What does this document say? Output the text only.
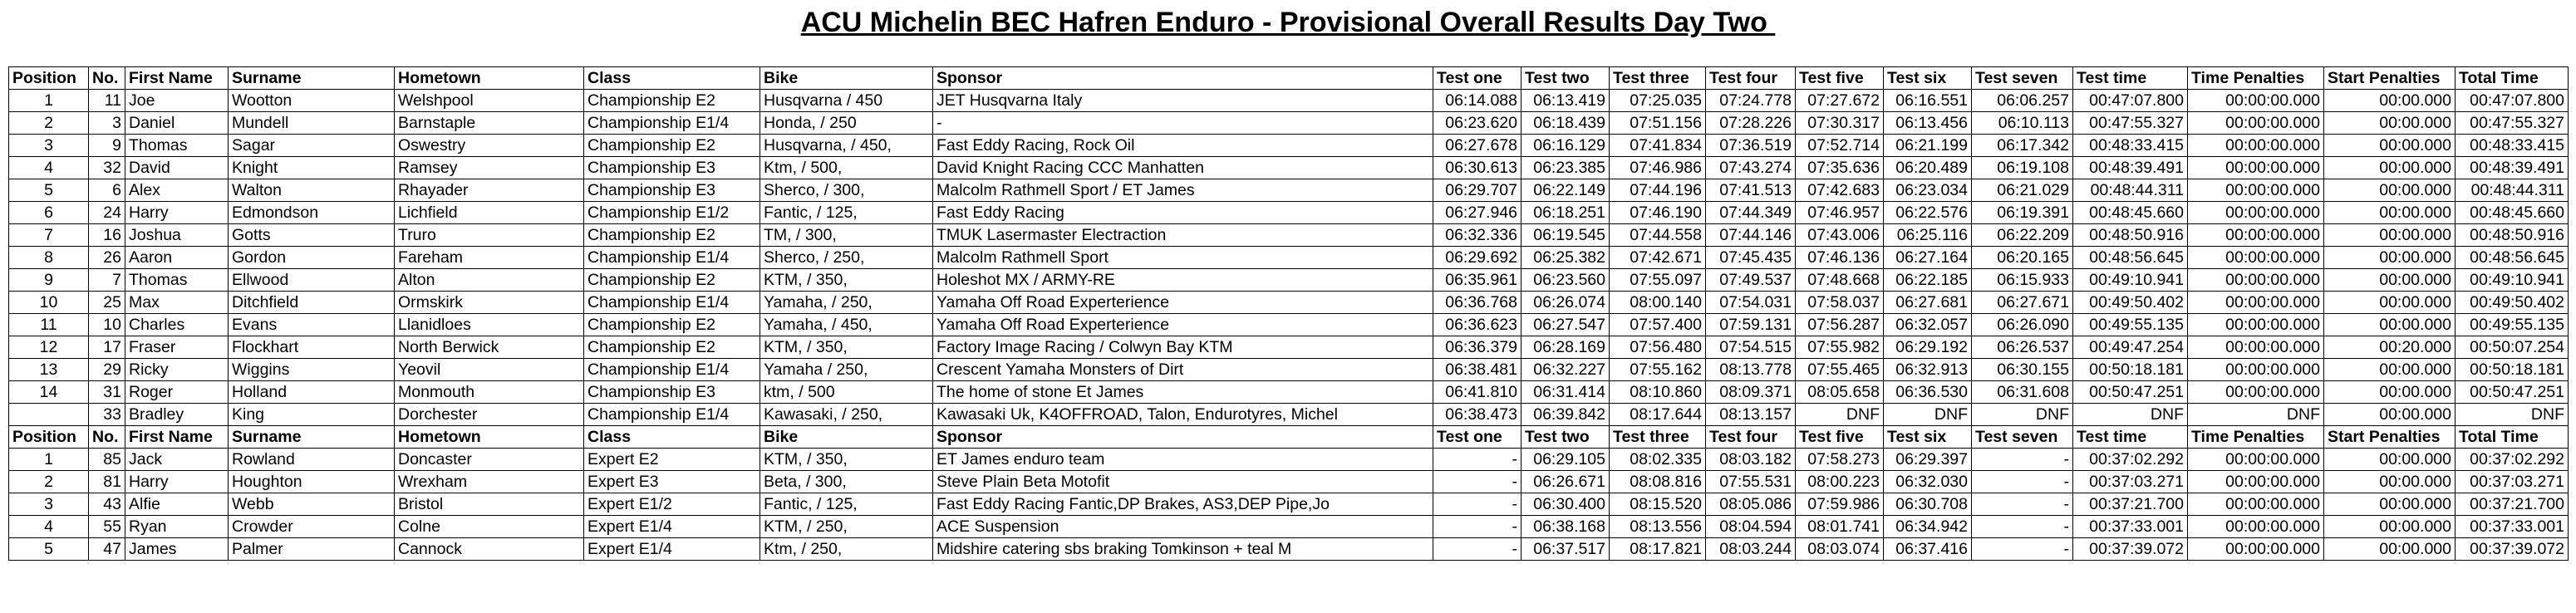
ACU Michelin BEC Hafren Enduro - Provisional Overall Results Day Two
Position	No.	First Name	Surname	Hometown	Class	Bike	Sponsor	Test one	Test two	Test three	Test four	Test five	Test six	Test seven	Test time	Time Penalties	Start Penalties	Total Time
1	11	Joe	Wootton	Welshpool	Championship E2	Husqvarna / 450	JET Husqvarna Italy	06:14.088	06:13.419	07:25.035	07:24.778	07:27.672	06:16.551	06:06.257	00:47:07.800	00:00:00.000	00:00.000	00:47:07.800
2	3	Daniel	Mundell	Barnstaple	Championship E1/4	Honda, / 250	-	06:23.620	06:18.439	07:51.156	07:28.226	07:30.317	06:13.456	06:10.113	00:47:55.327	00:00:00.000	00:00.000	00:47:55.327
3	9	Thomas	Sagar	Oswestry	Championship E2	Husqvarna, / 450,	Fast Eddy Racing, Rock Oil	06:27.678	06:16.129	07:41.834	07:36.519	07:52.714	06:21.199	06:17.342	00:48:33.415	00:00:00.000	00:00.000	00:48:33.415
4	32	David	Knight	Ramsey	Championship E3	Ktm, / 500,	David Knight Racing CCC Manhatten	06:30.613	06:23.385	07:46.986	07:43.274	07:35.636	06:20.489	06:19.108	00:48:39.491	00:00:00.000	00:00.000	00:48:39.491
5	6	Alex	Walton	Rhayader	Championship E3	Sherco, / 300,	Malcolm Rathmell Sport / ET James	06:29.707	06:22.149	07:44.196	07:41.513	07:42.683	06:23.034	06:21.029	00:48:44.311	00:00:00.000	00:00.000	00:48:44.311
6	24	Harry	Edmondson	Lichfield	Championship E1/2	Fantic, / 125,	Fast Eddy Racing	06:27.946	06:18.251	07:46.190	07:44.349	07:46.957	06:22.576	06:19.391	00:48:45.660	00:00:00.000	00:00.000	00:48:45.660
7	16	Joshua	Gotts	Truro	Championship E2	TM, / 300,	TMUK Lasermaster Electraction	06:32.336	06:19.545	07:44.558	07:44.146	07:43.006	06:25.116	06:22.209	00:48:50.916	00:00:00.000	00:00.000	00:48:50.916
8	26	Aaron	Gordon	Fareham	Championship E1/4	Sherco, / 250,	Malcolm Rathmell Sport	06:29.692	06:25.382	07:42.671	07:45.435	07:46.136	06:27.164	06:20.165	00:48:56.645	00:00:00.000	00:00.000	00:48:56.645
9	7	Thomas	Ellwood	Alton	Championship E2	KTM, / 350,	Holeshot MX / ARMY-RE	06:35.961	06:23.560	07:55.097	07:49.537	07:48.668	06:22.185	06:15.933	00:49:10.941	00:00:00.000	00:00.000	00:49:10.941
10	25	Max	Ditchfield	Ormskirk	Championship E1/4	Yamaha, / 250,	Yamaha Off Road Experterience	06:36.768	06:26.074	08:00.140	07:54.031	07:58.037	06:27.681	06:27.671	00:49:50.402	00:00:00.000	00:00.000	00:49:50.402
11	10	Charles	Evans	Llanidloes	Championship E2	Yamaha, / 450,	Yamaha Off Road Experterience	06:36.623	06:27.547	07:57.400	07:59.131	07:56.287	06:32.057	06:26.090	00:49:55.135	00:00:00.000	00:00.000	00:49:55.135
12	17	Fraser	Flockhart	North Berwick	Championship E2	KTM, / 350,	Factory Image Racing / Colwyn Bay KTM	06:36.379	06:28.169	07:56.480	07:54.515	07:55.982	06:29.192	06:26.537	00:49:47.254	00:00:00.000	00:20.000	00:50:07.254
13	29	Ricky	Wiggins	Yeovil	Championship E1/4	Yamaha / 250,	Crescent Yamaha Monsters of Dirt	06:38.481	06:32.227	07:55.162	08:13.778	07:55.465	06:32.913	06:30.155	00:50:18.181	00:00:00.000	00:00.000	00:50:18.181
14	31	Roger	Holland	Monmouth	Championship E3	ktm, / 500	The home of stone Et James	06:41.810	06:31.414	08:10.860	08:09.371	08:05.658	06:36.530	06:31.608	00:50:47.251	00:00:00.000	00:00.000	00:50:47.251
	33	Bradley	King	Dorchester	Championship E1/4	Kawasaki, / 250,	Kawasaki Uk, K4OFFROAD, Talon, Endurotyres, Michel	06:38.473	06:39.842	08:17.644	08:13.157	DNF	DNF	DNF	DNF	DNF	00:00.000	DNF
Position	No.	First Name	Surname	Hometown	Class	Bike	Sponsor	Test one	Test two	Test three	Test four	Test five	Test six	Test seven	Test time	Time Penalties	Start Penalties	Total Time
1	85	Jack	Rowland	Doncaster	Expert E2	KTM, / 350,	ET James enduro team	-	06:29.105	08:02.335	08:03.182	07:58.273	06:29.397	-	00:37:02.292	00:00:00.000	00:00.000	00:37:02.292
2	81	Harry	Houghton	Wrexham	Expert E3	Beta, / 300,	Steve Plain Beta Motofit	-	06:26.671	08:08.816	07:55.531	08:00.223	06:32.030	-	00:37:03.271	00:00:00.000	00:00.000	00:37:03.271
3	43	Alfie	Webb	Bristol	Expert E1/2	Fantic, / 125,	Fast Eddy Racing Fantic,DP Brakes, AS3,DEP Pipe,Jo	-	06:30.400	08:15.520	08:05.086	07:59.986	06:30.708	-	00:37:21.700	00:00:00.000	00:00.000	00:37:21.700
4	55	Ryan	Crowder	Colne	Expert E1/4	KTM, / 250,	ACE Suspension	-	06:38.168	08:13.556	08:04.594	08:01.741	06:34.942	-	00:37:33.001	00:00:00.000	00:00.000	00:37:33.001
5	47	James	Palmer	Cannock	Expert E1/4	Ktm, / 250,	Midshire catering sbs braking Tomkinson + teal M	-	06:37.517	08:17.821	08:03.244	08:03.074	06:37.416	-	00:37:39.072	00:00:00.000	00:00.000	00:37:39.072
